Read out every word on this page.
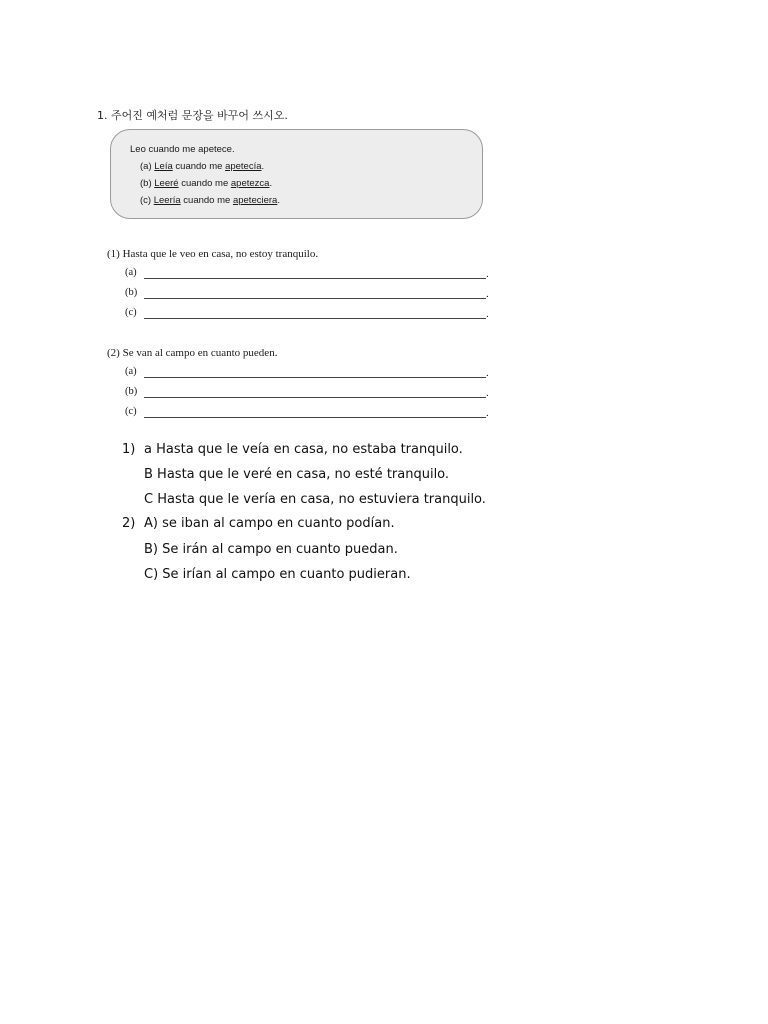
1. 주어진 예처럼 문장을 바꾸어 쓰시오.
Leo cuando me apetece.
(a) Leía cuando me apetecía.
(b) Leeré cuando me apetezca.
(c) Leería cuando me apeteciera.
(1) Hasta que le veo en casa, no estoy tranquilo.
(a)	.
(b)	.
(c)	.
(2) Se van al campo en cuanto pueden.
(a)	.
(b)	.
(c)	.
1) a Hasta que le veía en casa, no estaba tranquilo.
B Hasta que le veré en casa, no esté tranquilo.
C Hasta que le vería en casa, no estuviera tranquilo.
2) A) se iban al campo en cuanto podían.
B) Se irán al campo en cuanto puedan.
C) Se irían al campo en cuanto pudieran.
